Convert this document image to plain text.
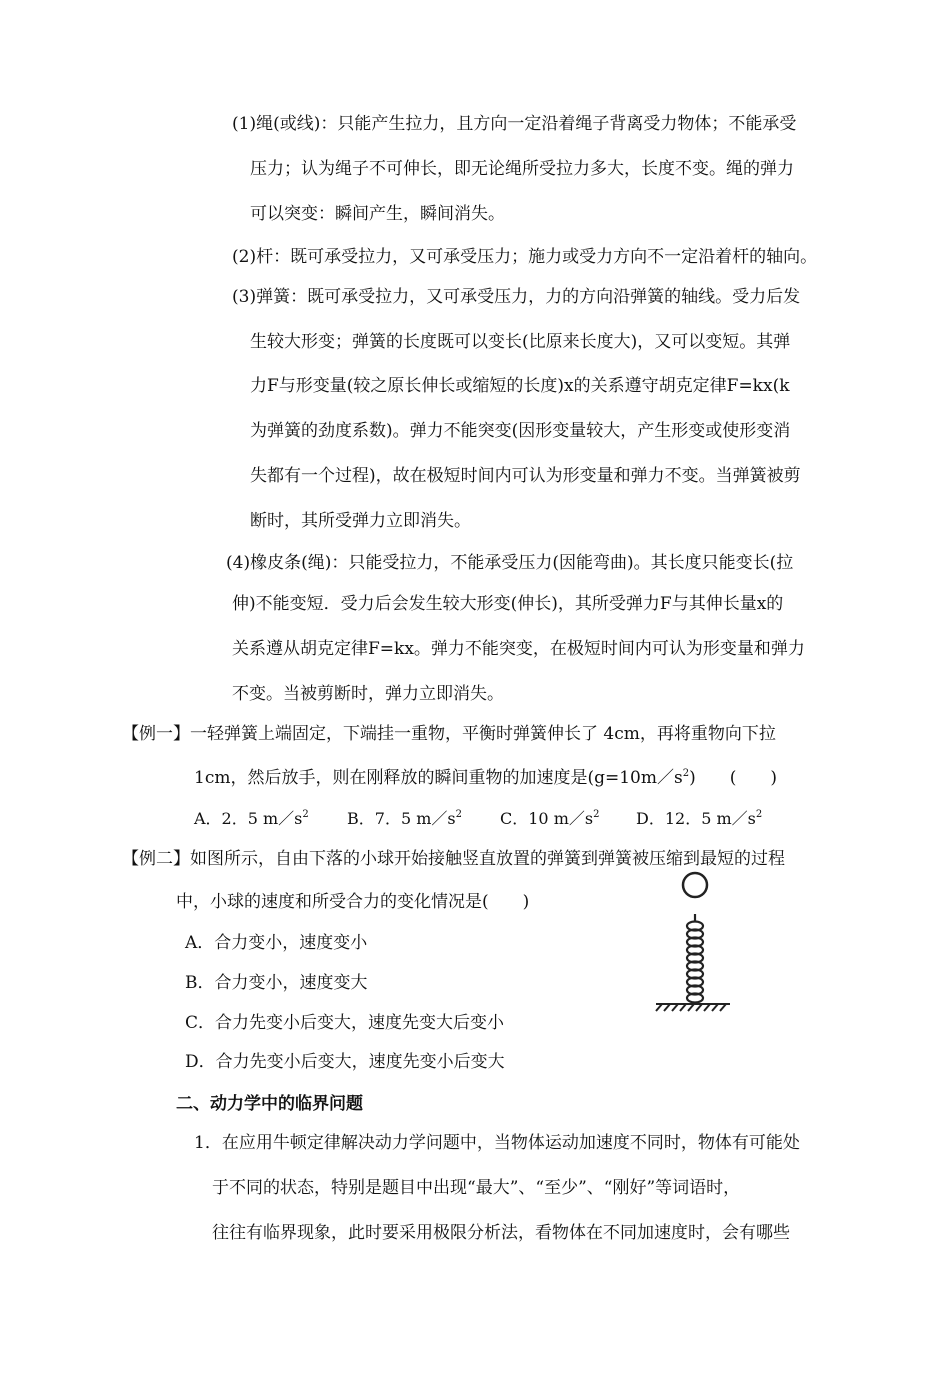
(1)绳(或线)：只能产生拉力，且方向一定沿着绳子背离受力物体；不能承受
压力；认为绳子不可伸长，即无论绳所受拉力多大，长度不变。绳的弹力
可以突变：瞬间产生，瞬间消失。
(2)杆：既可承受拉力，又可承受压力；施力或受力方向不一定沿着杆的轴向。
(3)弹簧：既可承受拉力，又可承受压力，力的方向沿弹簧的轴线。受力后发
生较大形变；弹簧的长度既可以变长(比原来长度大)，又可以变短。其弹
力F与形变量(较之原长伸长或缩短的长度)x的关系遵守胡克定律F=kx(k
为弹簧的劲度系数)。弹力不能突变(因形变量较大，产生形变或使形变消
失都有一个过程)，故在极短时间内可认为形变量和弹力不变。当弹簧被剪
断时，其所受弹力立即消失。
(4)橡皮条(绳)：只能受拉力，不能承受压力(因能弯曲)。其长度只能变长(拉
伸)不能变短．受力后会发生较大形变(伸长)，其所受弹力F与其伸长量x的
关系遵从胡克定律F=kx。弹力不能突变，在极短时间内可认为形变量和弹力
不变。当被剪断时，弹力立即消失。
【例一】一轻弹簧上端固定，下端挂一重物，平衡时弹簧伸长了 4cm，再将重物向下拉
1cm，然后放手，则在刚释放的瞬间重物的加速度是$(g=10m/s^2)$　　(　　)
A．2．5 $m/s^2$ B．7．5 $m/s^2$ C．10 $m/s^2$ D．12．5 $m/s^2$
【例二】如图所示，自由下落的小球开始接触竖直放置的弹簧到弹簧被压缩到最短的过程
中，小球的速度和所受合力的变化情况是(　　)
A．合力变小，速度变小
B．合力变小，速度变大
C．合力先变小后变大，速度先变大后变小
D．合力先变小后变大，速度先变小后变大
二、动力学中的临界问题
1．在应用牛顿定律解决动力学问题中，当物体运动加速度不同时，物体有可能处
于不同的状态，特别是题目中出现“最大”、“至少”、“刚好”等词语时，
往往有临界现象，此时要采用极限分析法，看物体在不同加速度时，会有哪些
